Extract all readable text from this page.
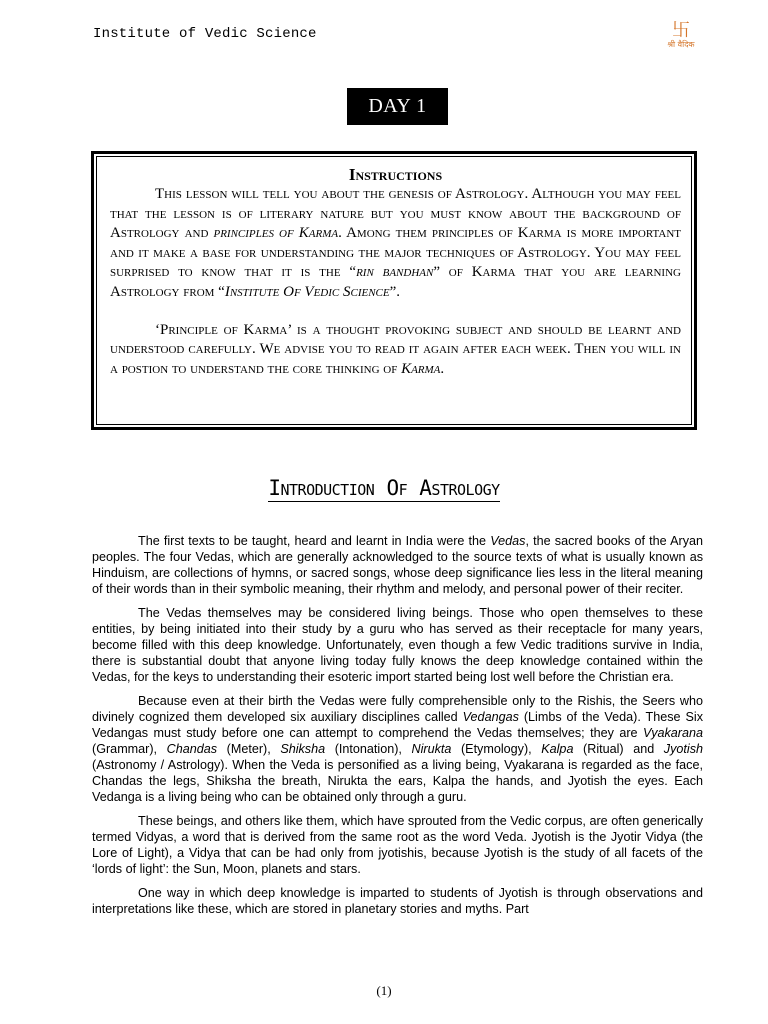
Institute of Vedic Science	卐
श्री वैदिक
DAY 1
Instructions

This lesson will tell you about the genesis of Astrology. Although you may feel that the lesson is of literary nature but you must know about the background of Astrology and principles of Karma. Among them principles of Karma is more important and it make a base for understanding the major techniques of Astrology. You may feel surprised to know that it is the “rin bandhan” of Karma that you are learning Astrology from “Institute Of Vedic Science”.

‘Principle of Karma’ is a thought provoking subject and should be learnt and understood carefully. We advise you to read it again after each week. Then you will in a postion to understand the core thinking of Karma.

Introduction Of Astrology

The first texts to be taught, heard and learnt in India were the Vedas, the sacred books of the Aryan peoples. The four Vedas, which are generally acknowledged to the source texts of what is usually known as Hinduism, are collections of hymns, or sacred songs, whose deep significance lies less in the literal meaning of their words than in their symbolic meaning, their rhythm and melody, and personal power of their reciter.

The Vedas themselves may be considered living beings. Those who open themselves to these entities, by being initiated into their study by a guru who has served as their receptacle for many years, become filled with this deep knowledge. Unfortunately, even though a few Vedic traditions survive in India, there is substantial doubt that anyone living today fully knows the deep knowledge contained within the Vedas, for the keys to understanding their esoteric import started being lost well before the Christian era.

Because even at their birth the Vedas were fully comprehensible only to the Rishis, the Seers who divinely cognized them developed six auxiliary disciplines called Vedangas (Limbs of the Veda). These Six Vedangas must study before one can attempt to comprehend the Vedas themselves; they are Vyakarana (Grammar), Chandas (Meter), Shiksha (Intonation), Nirukta (Etymology), Kalpa (Ritual) and Jyotish (Astronomy / Astrology). When the Veda is personified as a living being, Vyakarana is regarded as the face, Chandas the legs, Shiksha the breath, Nirukta the ears, Kalpa the hands, and Jyotish the eyes. Each Vedanga is a living being who can be obtained only through a guru.

These beings, and others like them, which have sprouted from the Vedic corpus, are often generically termed Vidyas, a word that is derived from the same root as the word Veda. Jyotish is the Jyotir Vidya (the Lore of Light), a Vidya that can be had only from jyotishis, because Jyotish is the study of all facets of the ‘lords of light’: the Sun, Moon, planets and stars.

One way in which deep knowledge is imparted to students of Jyotish is through observations and interpretations like these, which are stored in planetary stories and myths. Part

(1)
